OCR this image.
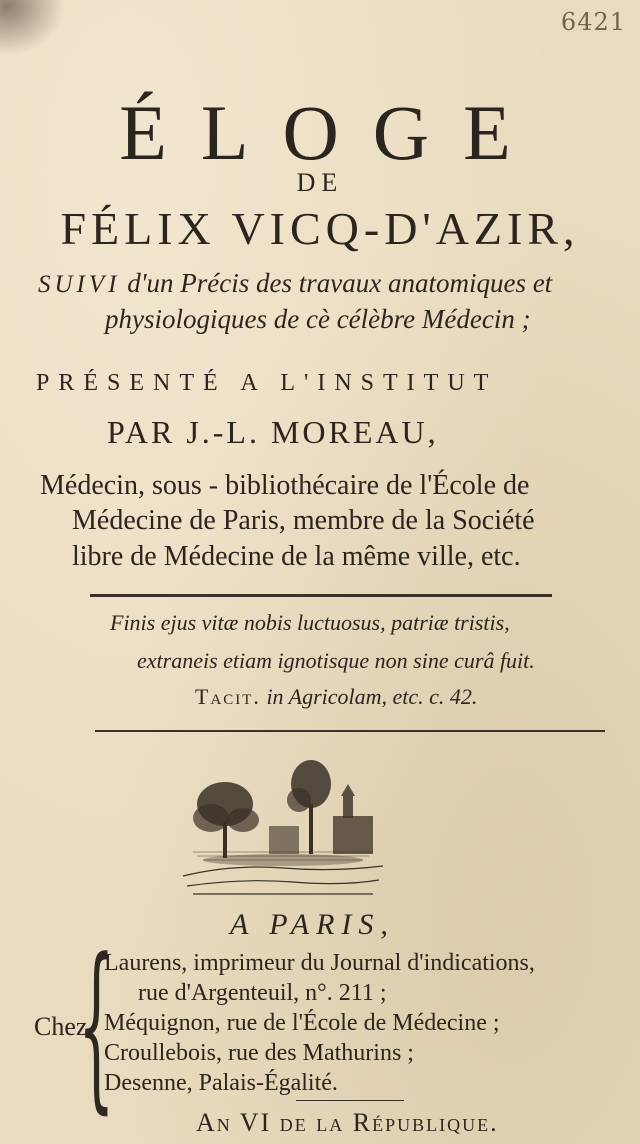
6421
ÉLOGE
DE
FÉLIX VICQ-D'AZIR,
SUIVI d'un Précis des travaux anatomiques et
physiologiques de cè célèbre Médecin ;
PRÉSENTÉ A L'INSTITUT
PAR J.-L. MOREAU,
Médecin, sous - bibliothécaire de l'École de
Médecine de Paris, membre de la Société
libre de Médecine de la même ville, etc.
Finis ejus vitæ nobis luctuosus, patriæ tristis,
extraneis etiam ignotisque non sine curâ fuit.
Tacit. in Agricolam, etc. c. 42.
A PARIS,
Chez
{
Laurens, imprimeur du Journal d'indications,
rue d'Argenteuil, n°. 211 ;
Méquignon, rue de l'École de Médecine ;
Croullebois, rue des Mathurins ;
Desenne, Palais-Égalité.
An VI de la République.
